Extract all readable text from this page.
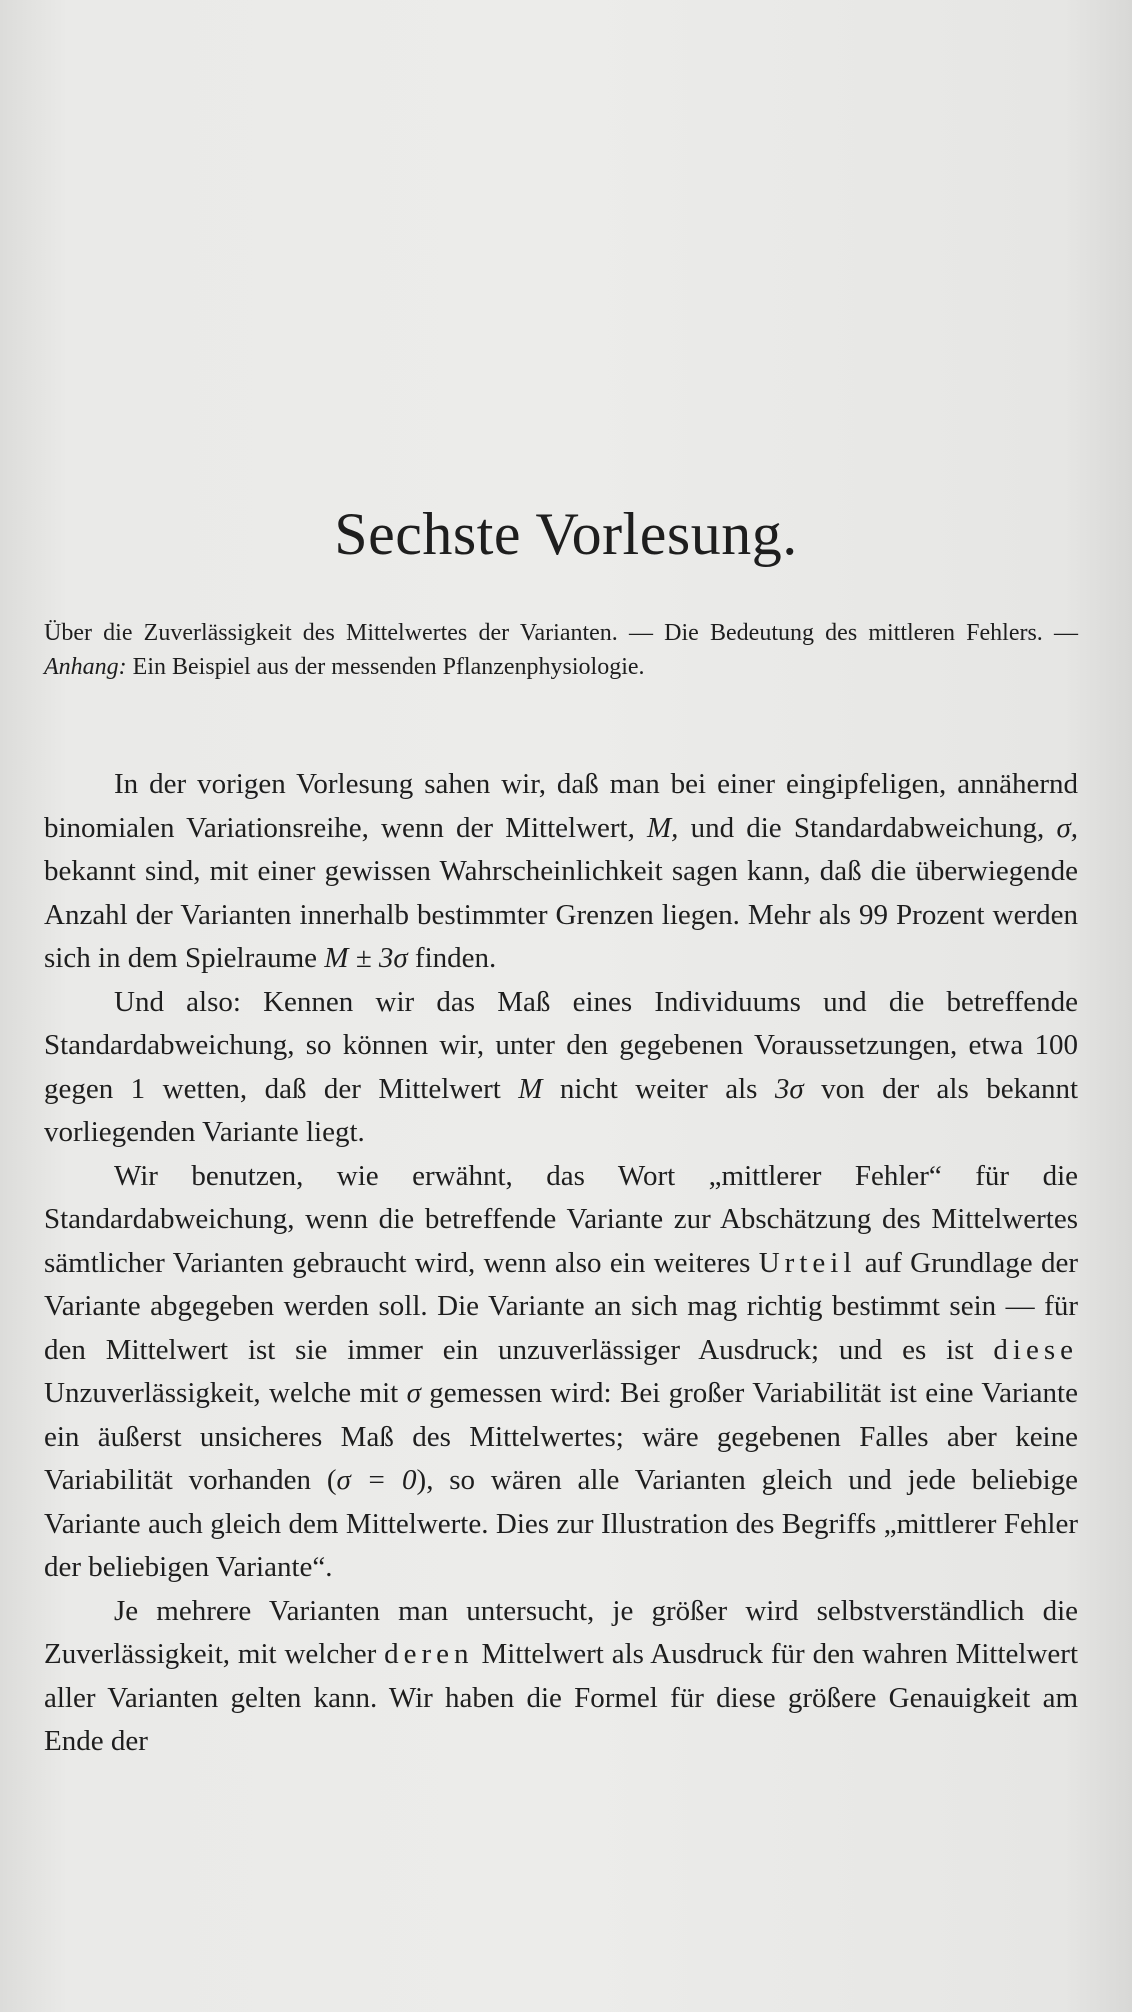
Sechste Vorlesung.
Über die Zuverlässigkeit des Mittelwertes der Varianten. — Die Bedeutung des mittleren Fehlers. — Anhang: Ein Beispiel aus der messenden Pflanzenphysiologie.

In der vorigen Vorlesung sahen wir, daß man bei einer eingipfeligen, annähernd binomialen Variationsreihe, wenn der Mittelwert, M, und die Standardabweichung, σ, bekannt sind, mit einer gewissen Wahrscheinlichkeit sagen kann, daß die überwiegende Anzahl der Varianten innerhalb bestimmter Grenzen liegen. Mehr als 99 Prozent werden sich in dem Spielraume M ± 3σ finden.

Und also: Kennen wir das Maß eines Individuums und die betreffende Standardabweichung, so können wir, unter den gegebenen Voraussetzungen, etwa 100 gegen 1 wetten, daß der Mittelwert M nicht weiter als 3σ von der als bekannt vorliegenden Variante liegt.

Wir benutzen, wie erwähnt, das Wort „mittlerer Fehler“ für die Standardabweichung, wenn die betreffende Variante zur Abschätzung des Mittelwertes sämtlicher Varianten gebraucht wird, wenn also ein weiteres Urteil auf Grundlage der Variante abgegeben werden soll. Die Variante an sich mag richtig bestimmt sein — für den Mittelwert ist sie immer ein unzuverlässiger Ausdruck; und es ist diese Unzuverlässigkeit, welche mit σ gemessen wird: Bei großer Variabilität ist eine Variante ein äußerst unsicheres Maß des Mittelwertes; wäre gegebenen Falles aber keine Variabilität vorhanden (σ = 0), so wären alle Varianten gleich und jede beliebige Variante auch gleich dem Mittelwerte. Dies zur Illustration des Begriffs „mittlerer Fehler der beliebigen Variante“.

Je mehrere Varianten man untersucht, je größer wird selbstverständlich die Zuverlässigkeit, mit welcher deren Mittelwert als Ausdruck für den wahren Mittelwert aller Varianten gelten kann. Wir haben die Formel für diese größere Genauigkeit am Ende der
